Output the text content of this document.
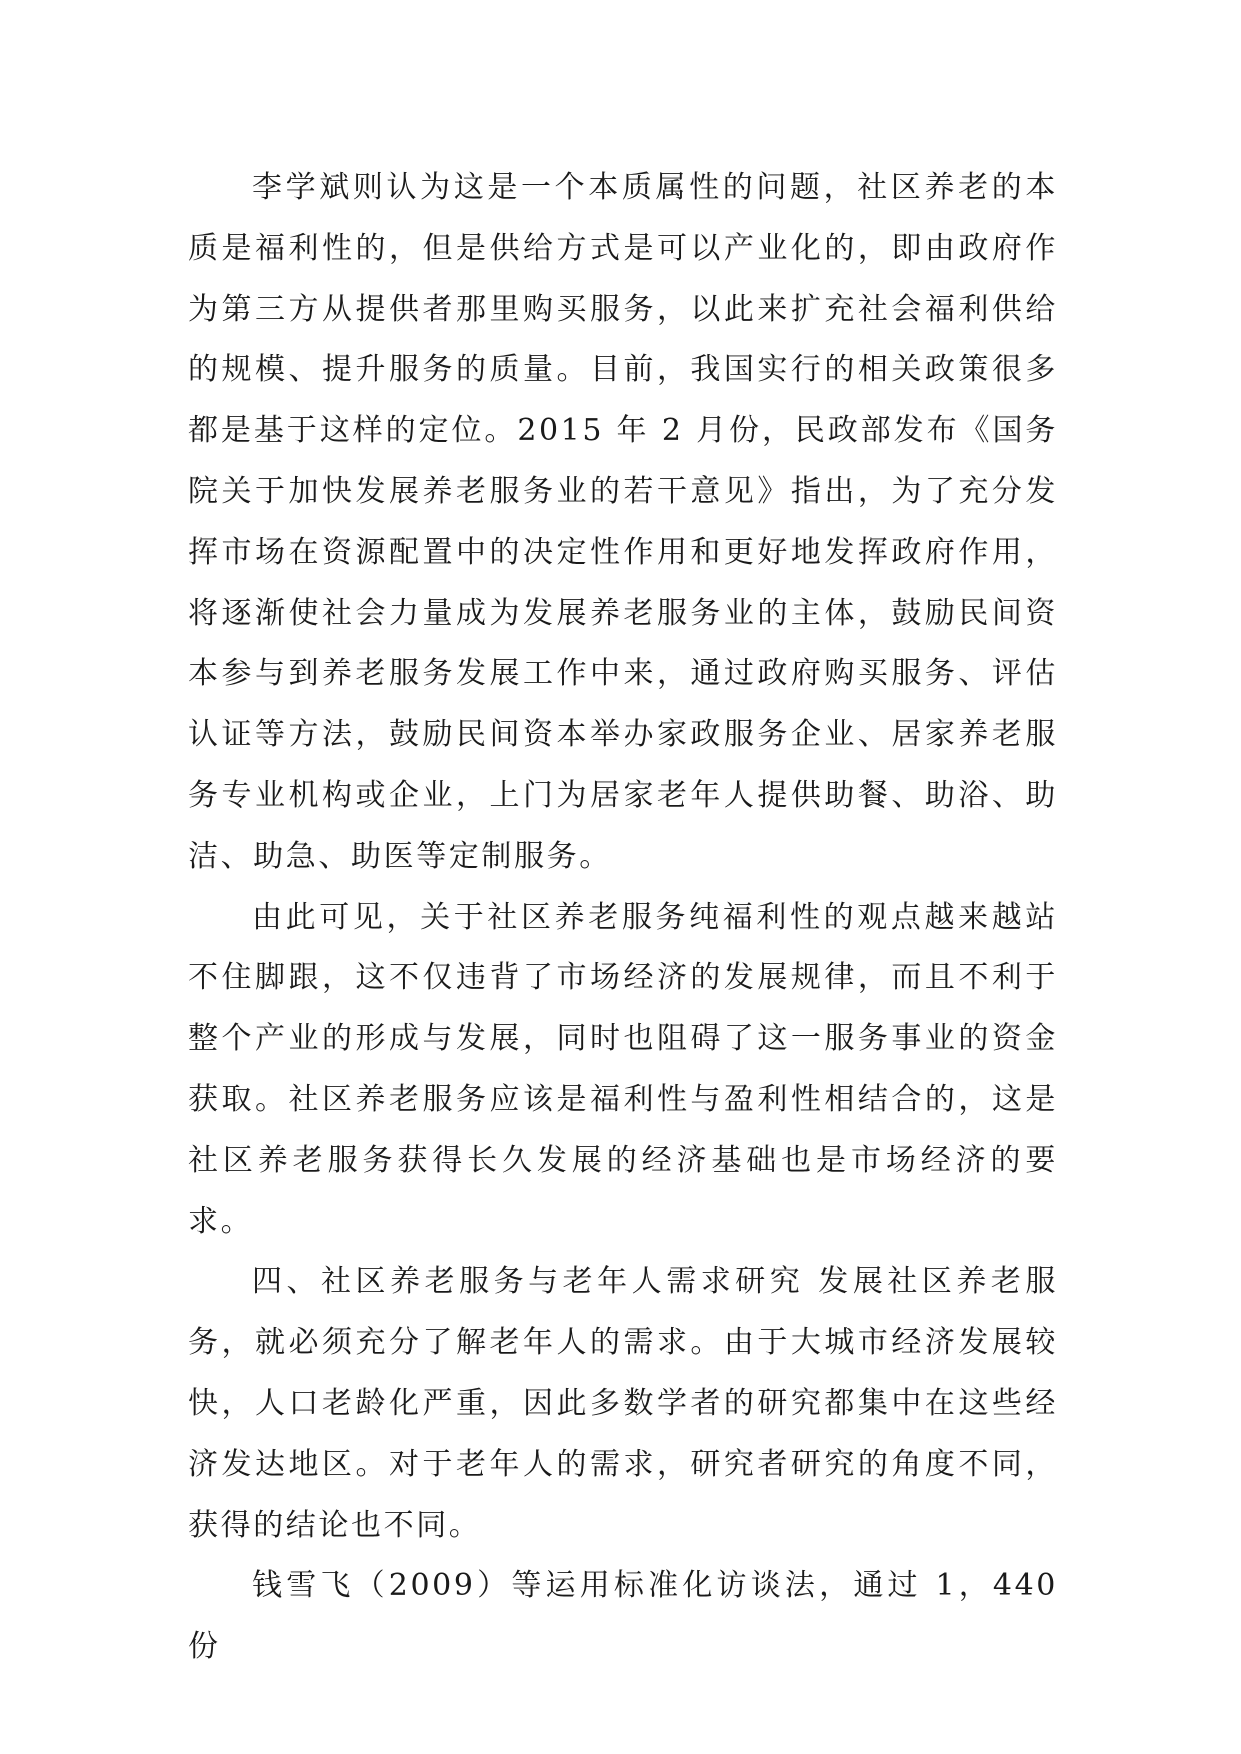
李学斌则认为这是一个本质属性的问题，社区养老的本质是福利性的，但是供给方式是可以产业化的，即由政府作为第三方从提供者那里购买服务，以此来扩充社会福利供给的规模、提升服务的质量。目前，我国实行的相关政策很多都是基于这样的定位。2015 年 2 月份，民政部发布《国务院关于加快发展养老服务业的若干意见》指出，为了充分发挥市场在资源配置中的决定性作用和更好地发挥政府作用，将逐渐使社会力量成为发展养老服务业的主体，鼓励民间资本参与到养老服务发展工作中来，通过政府购买服务、评估认证等方法，鼓励民间资本举办家政服务企业、居家养老服务专业机构或企业，上门为居家老年人提供助餐、助浴、助洁、助急、助医等定制服务。

由此可见，关于社区养老服务纯福利性的观点越来越站不住脚跟，这不仅违背了市场经济的发展规律，而且不利于整个产业的形成与发展，同时也阻碍了这一服务事业的资金获取。社区养老服务应该是福利性与盈利性相结合的，这是社区养老服务获得长久发展的经济基础也是市场经济的要求。

四、社区养老服务与老年人需求研究 发展社区养老服务，就必须充分了解老年人的需求。由于大城市经济发展较快，人口老龄化严重，因此多数学者的研究都集中在这些经济发达地区。对于老年人的需求，研究者研究的角度不同，获得的结论也不同。

钱雪飞（2009）等运用标准化访谈法，通过 1，440 份
